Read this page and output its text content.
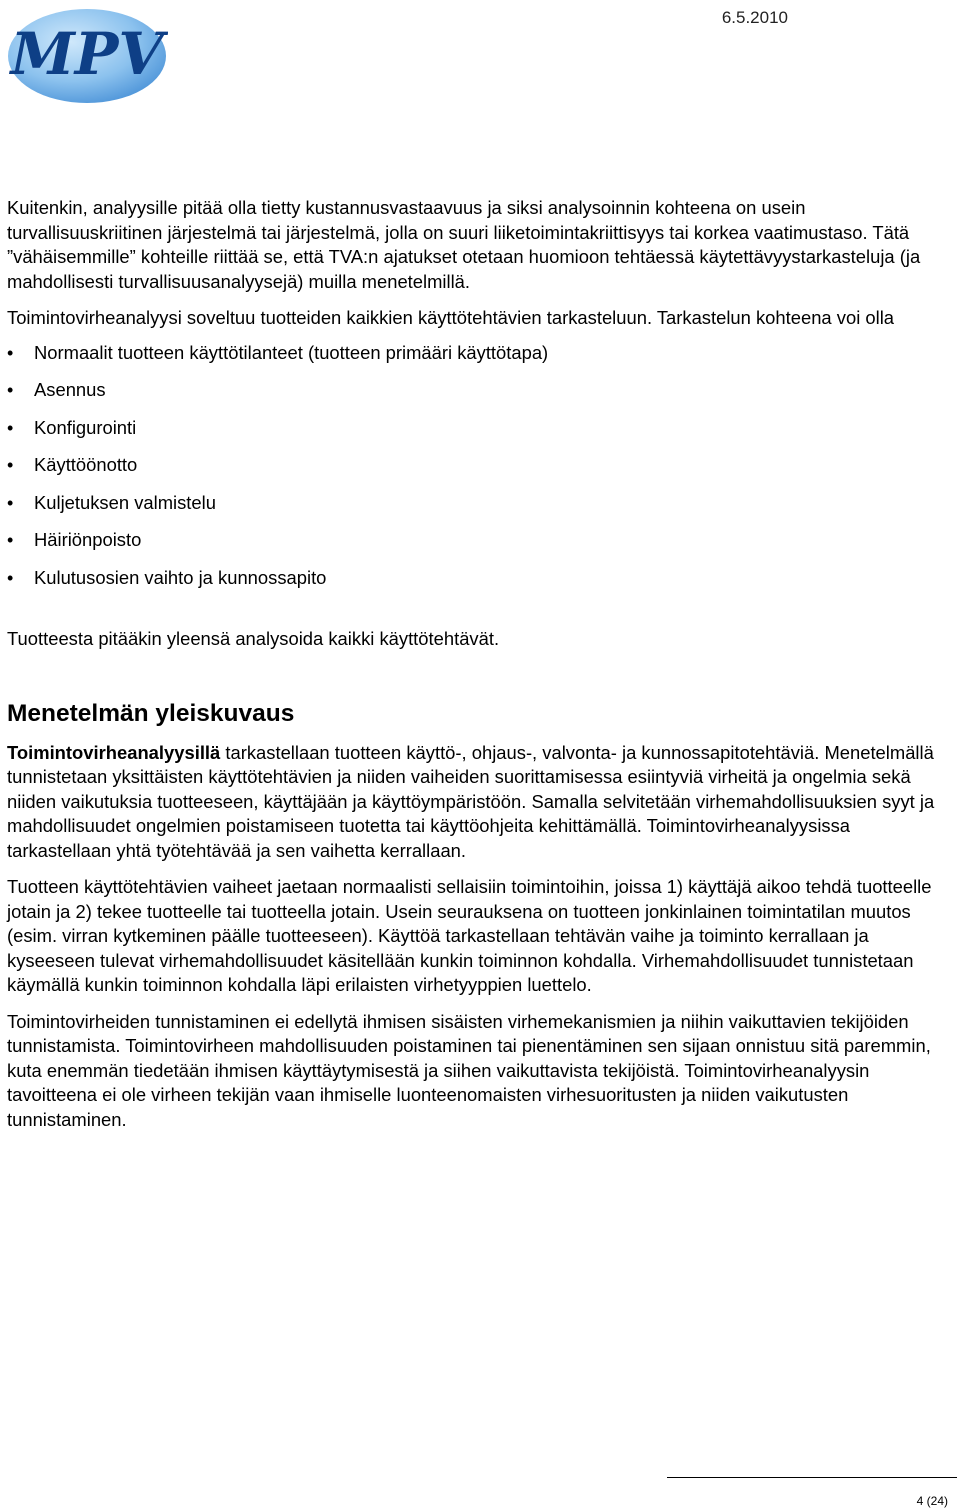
MPV
6.5.2010

Kuitenkin, analyysille pitää olla tietty kustannusvastaavuus ja siksi analysoinnin kohteena on usein turvallisuuskriitinen järjestelmä tai järjestelmä, jolla on suuri liiketoimintakriittisyys tai korkea vaatimustaso. Tätä ”vähäisemmille” kohteille riittää se, että TVA:n ajatukset otetaan huomioon tehtäessä käytettävyystarkasteluja (ja mahdollisesti turvallisuusanalyysejä) muilla menetelmillä.

Toimintovirheanalyysi soveltuu tuotteiden kaikkien käyttötehtävien tarkasteluun. Tarkastelun kohteena voi olla

• Normaalit tuotteen käyttötilanteet (tuotteen primääri käyttötapa)
• Asennus
• Konfigurointi
• Käyttöönotto
• Kuljetuksen valmistelu
• Häiriönpoisto
• Kulutusosien vaihto ja kunnossapito

Tuotteesta pitääkin yleensä analysoida kaikki käyttötehtävät.

Menetelmän yleiskuvaus

Toimintovirheanalyysillä tarkastellaan tuotteen käyttö-, ohjaus-, valvonta- ja kunnossapitotehtäviä. Menetelmällä tunnistetaan yksittäisten käyttötehtävien ja niiden vaiheiden suorittamisessa esiintyviä virheitä ja ongelmia sekä niiden vaikutuksia tuotteeseen, käyttäjään ja käyttöympäristöön. Samalla selvitetään virhemahdollisuuksien syyt ja mahdollisuudet ongelmien poistamiseen tuotetta tai käyttöohjeita kehittämällä. Toimintovirheanalyysissa tarkastellaan yhtä työtehtävää ja sen vaihetta kerrallaan.

Tuotteen käyttötehtävien vaiheet jaetaan normaalisti sellaisiin toimintoihin, joissa 1) käyttäjä aikoo tehdä tuotteelle jotain ja 2) tekee tuotteelle tai tuotteella jotain. Usein seurauksena on tuotteen jonkinlainen toimintatilan muutos (esim. virran kytkeminen päälle tuotteeseen). Käyttöä tarkastellaan tehtävän vaihe ja toiminto kerrallaan ja kyseeseen tulevat virhemahdollisuudet käsitellään kunkin toiminnon kohdalla. Virhemahdollisuudet tunnistetaan käymällä kunkin toiminnon kohdalla läpi erilaisten virhetyyppien luettelo.

Toimintovirheiden tunnistaminen ei edellytä ihmisen sisäisten virhemekanismien ja niihin vaikuttavien tekijöiden tunnistamista. Toimintovirheen mahdollisuuden poistaminen tai pienentäminen sen sijaan onnistuu sitä paremmin, kuta enemmän tiedetään ihmisen käyttäytymisestä ja siihen vaikuttavista tekijöistä. Toimintovirheanalyysin tavoitteena ei ole virheen tekijän vaan ihmiselle luonteenomaisten virhesuoritusten ja niiden vaikutusten tunnistaminen.

4 (24)
